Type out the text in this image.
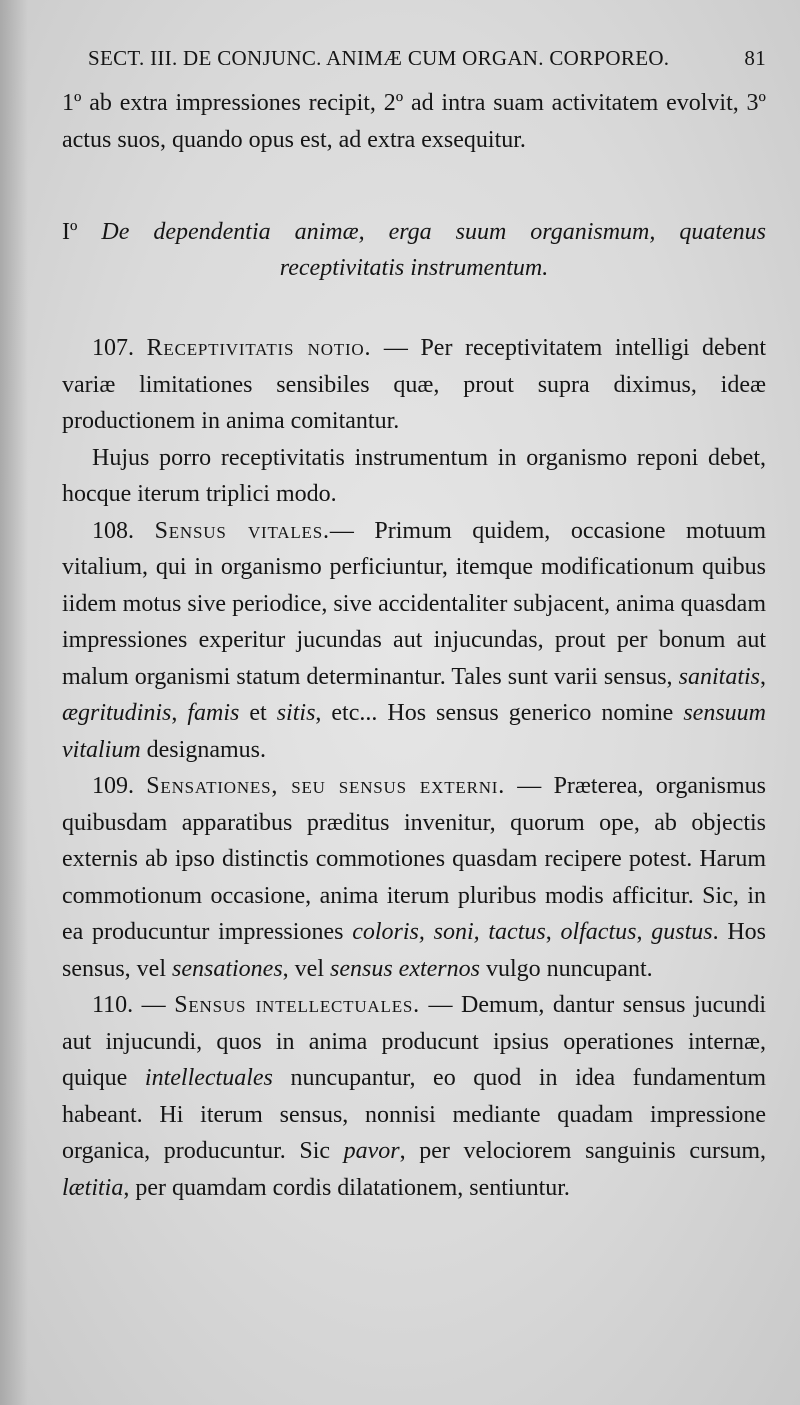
SECT. III. DE CONJUNC. ANIMÆ CUM ORGAN. CORPOREO.	81

1º ab extra impressiones recipit, 2º ad intra suam activitatem evolvit, 3º actus suos, quando opus est, ad extra exsequitur.

Iº De dependentia animæ, erga suum organismum, quatenus
receptivitatis instrumentum.

107. Receptivitatis notio. — Per receptivitatem intelligi debent variæ limitationes sensibiles quæ, prout supra diximus, ideæ productionem in anima comitantur.

Hujus porro receptivitatis instrumentum in organismo reponi debet, hocque iterum triplici modo.

108. Sensus vitales.— Primum quidem, occasione motuum vitalium, qui in organismo perficiuntur, itemque modificationum quibus iidem motus sive periodice, sive accidentaliter subjacent, anima quasdam impressiones experitur jucundas aut injucundas, prout per bonum aut malum organismi statum determinantur. Tales sunt varii sensus, sanitatis, ægritudinis, famis et sitis, etc... Hos sensus generico nomine sensuum vitalium designamus.

109. Sensationes, seu sensus externi. — Præterea, organismus quibusdam apparatibus præditus invenitur, quorum ope, ab objectis externis ab ipso distinctis commotiones quasdam recipere potest. Harum commotionum occasione, anima iterum pluribus modis afficitur. Sic, in ea producuntur impressiones coloris, soni, tactus, olfactus, gustus. Hos sensus, vel sensationes, vel sensus externos vulgo nuncupant.

110. — Sensus intellectuales. — Demum, dantur sensus jucundi aut injucundi, quos in anima producunt ipsius operationes internæ, quique intellectuales nuncupantur, eo quod in idea fundamentum habeant. Hi iterum sensus, nonnisi mediante quadam impressione organica, producuntur. Sic pavor, per velociorem sanguinis cursum, lætitia, per quamdam cordis dilatationem, sentiuntur.
